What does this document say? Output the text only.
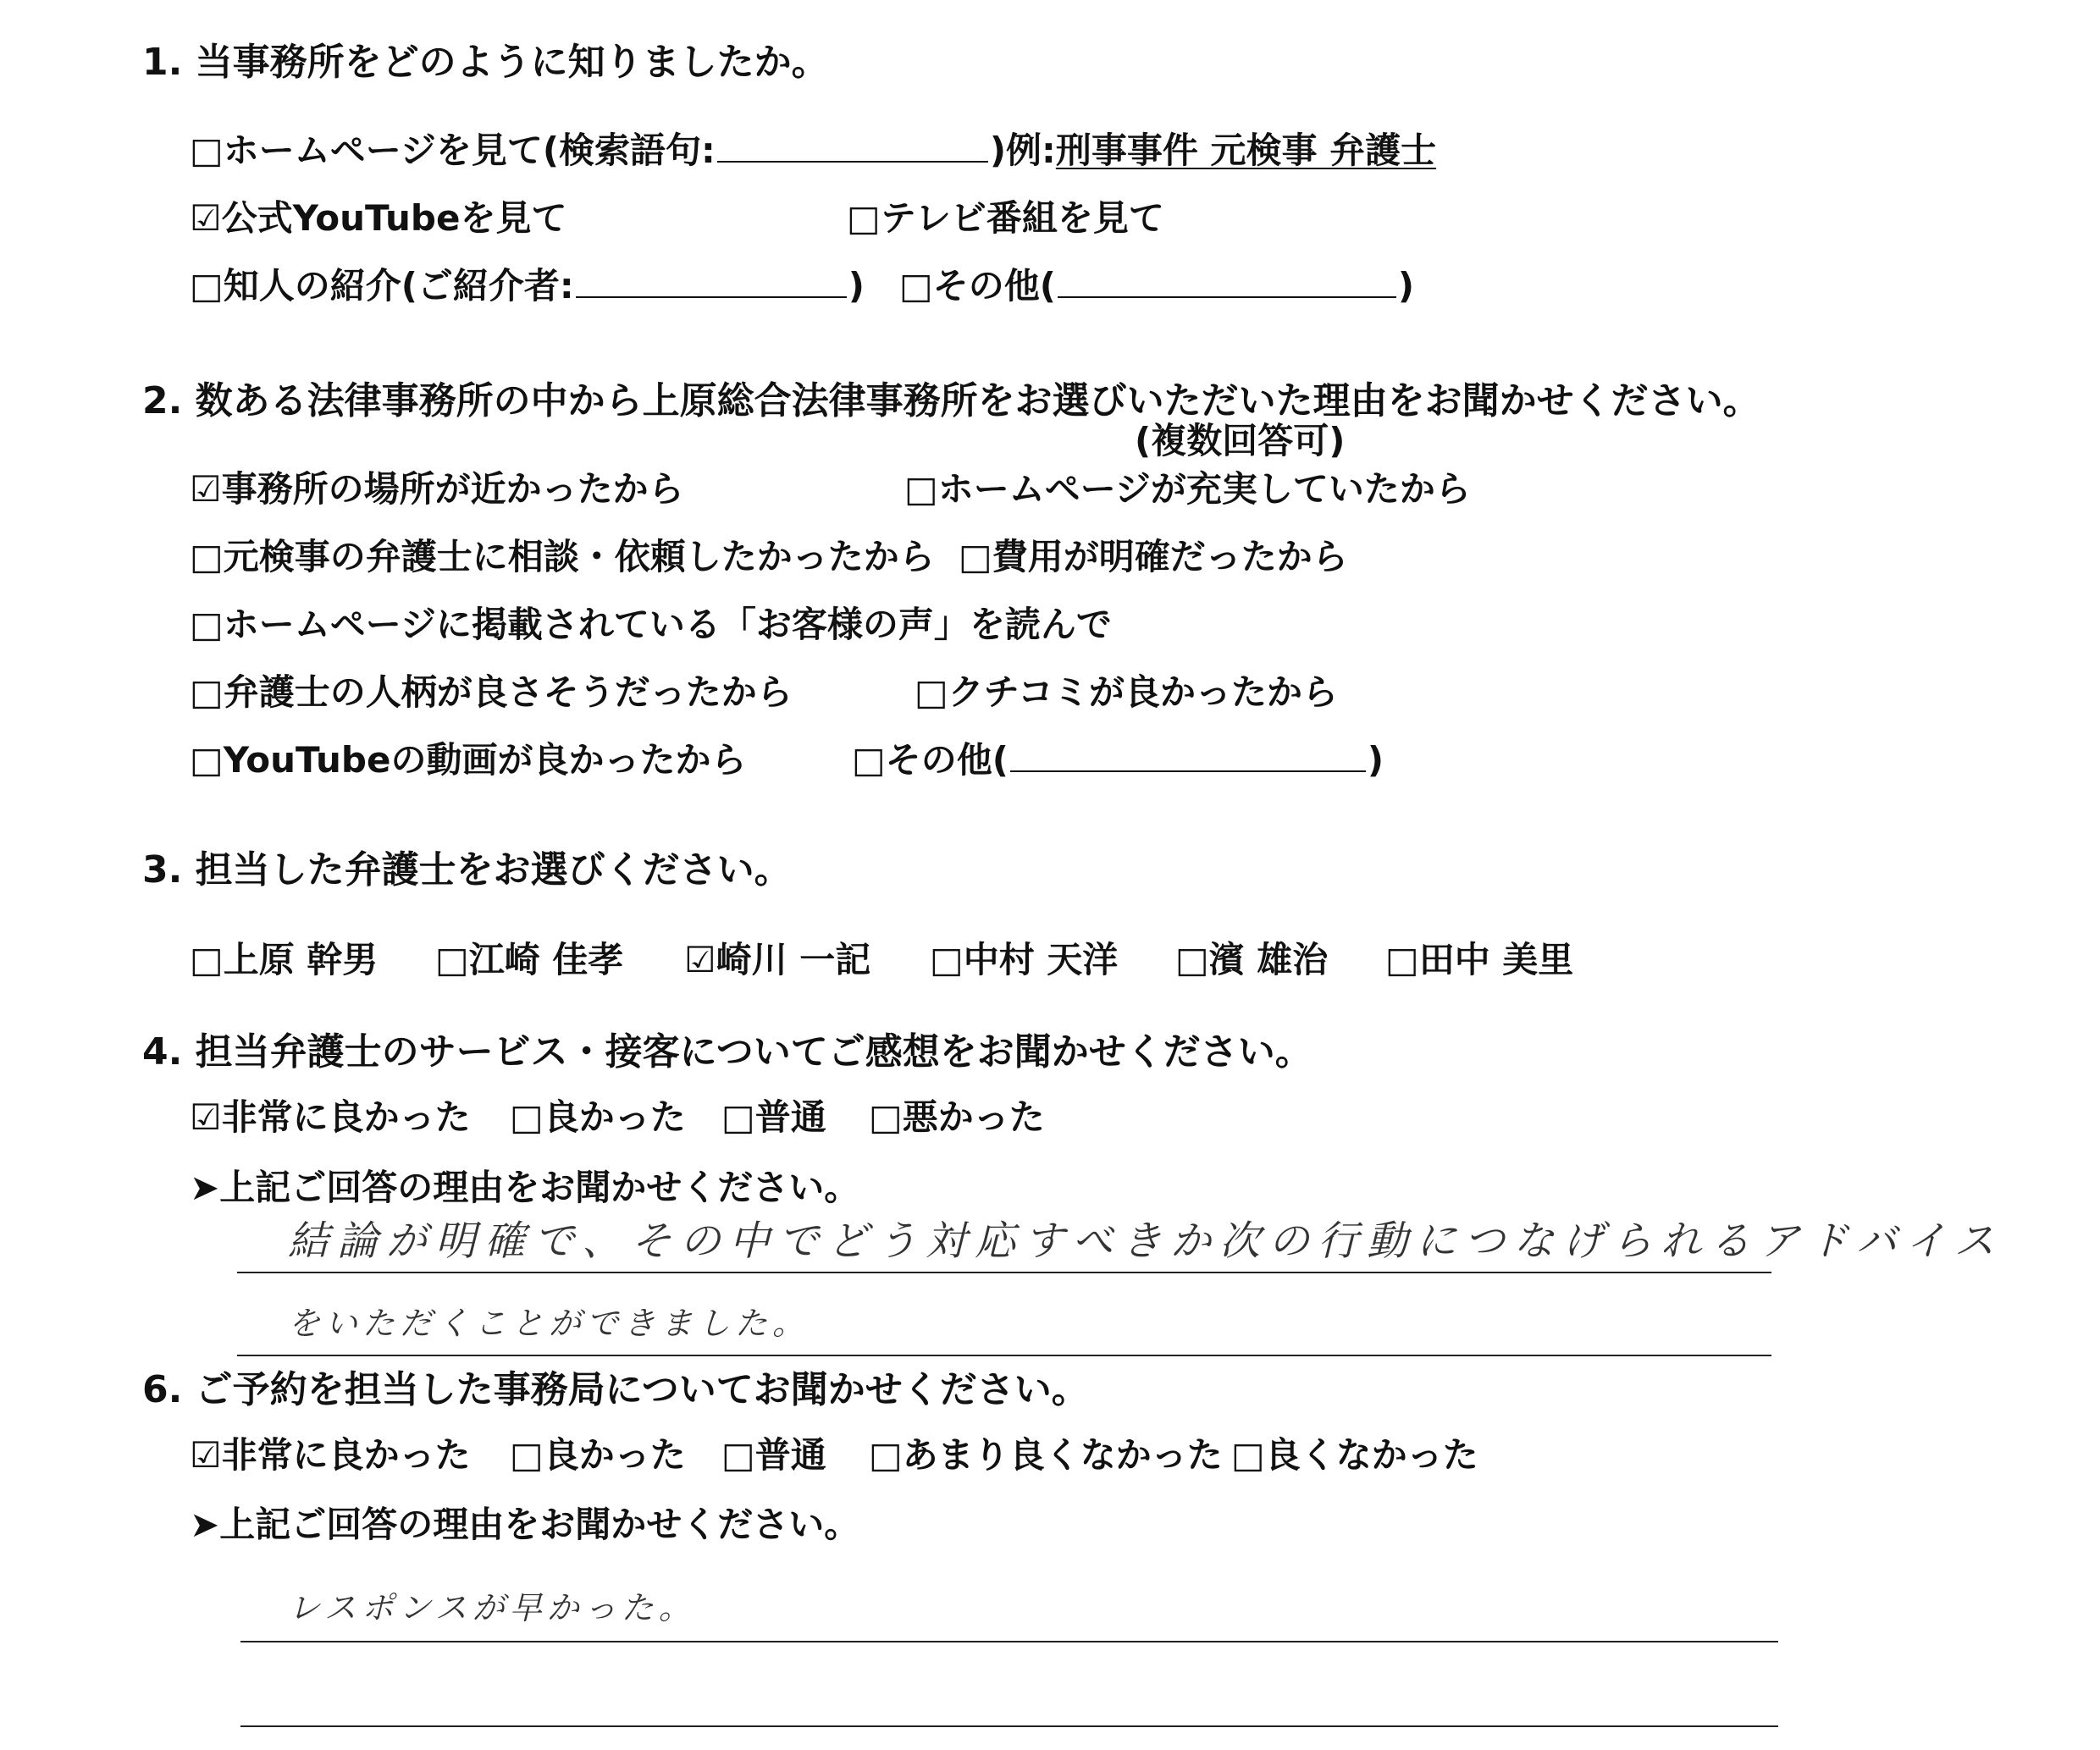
1. 当事務所をどのように知りましたか。
□ホームページを見て(検索語句:	)例:刑事事件 元検事 弁護士
☑公式YouTubeを見て	□テレビ番組を見て
□知人の紹介(ご紹介者:	) □その他(	)
2. 数ある法律事務所の中から上原総合法律事務所をお選びいただいた理由をお聞かせください。
(複数回答可)
☑事務所の場所が近かったから	□ホームページが充実していたから
□元検事の弁護士に相談・依頼したかったから □費用が明確だったから
□ホームページに掲載されている「お客様の声」を読んで
□弁護士の人柄が良さそうだったから	□クチコミが良かったから
□YouTubeの動画が良かったから	□その他(	)
3. 担当した弁護士をお選びください。
□上原 幹男 □江崎 佳孝 ☑崎川 一記 □中村 天洋 □濱 雄治 □田中 美里
4. 担当弁護士のサービス・接客についてご感想をお聞かせください。
☑非常に良かった □良かった □普通 □悪かった
➤上記ご回答の理由をお聞かせください。
結論が明確で、その中でどう対応すべきか次の行動につなげられるアドバイス
をいただくことができました。
6. ご予約を担当した事務局についてお聞かせください。
☑非常に良かった □良かった □普通 □あまり良くなかった □良くなかった
➤上記ご回答の理由をお聞かせください。
レスポンスが早かった。
